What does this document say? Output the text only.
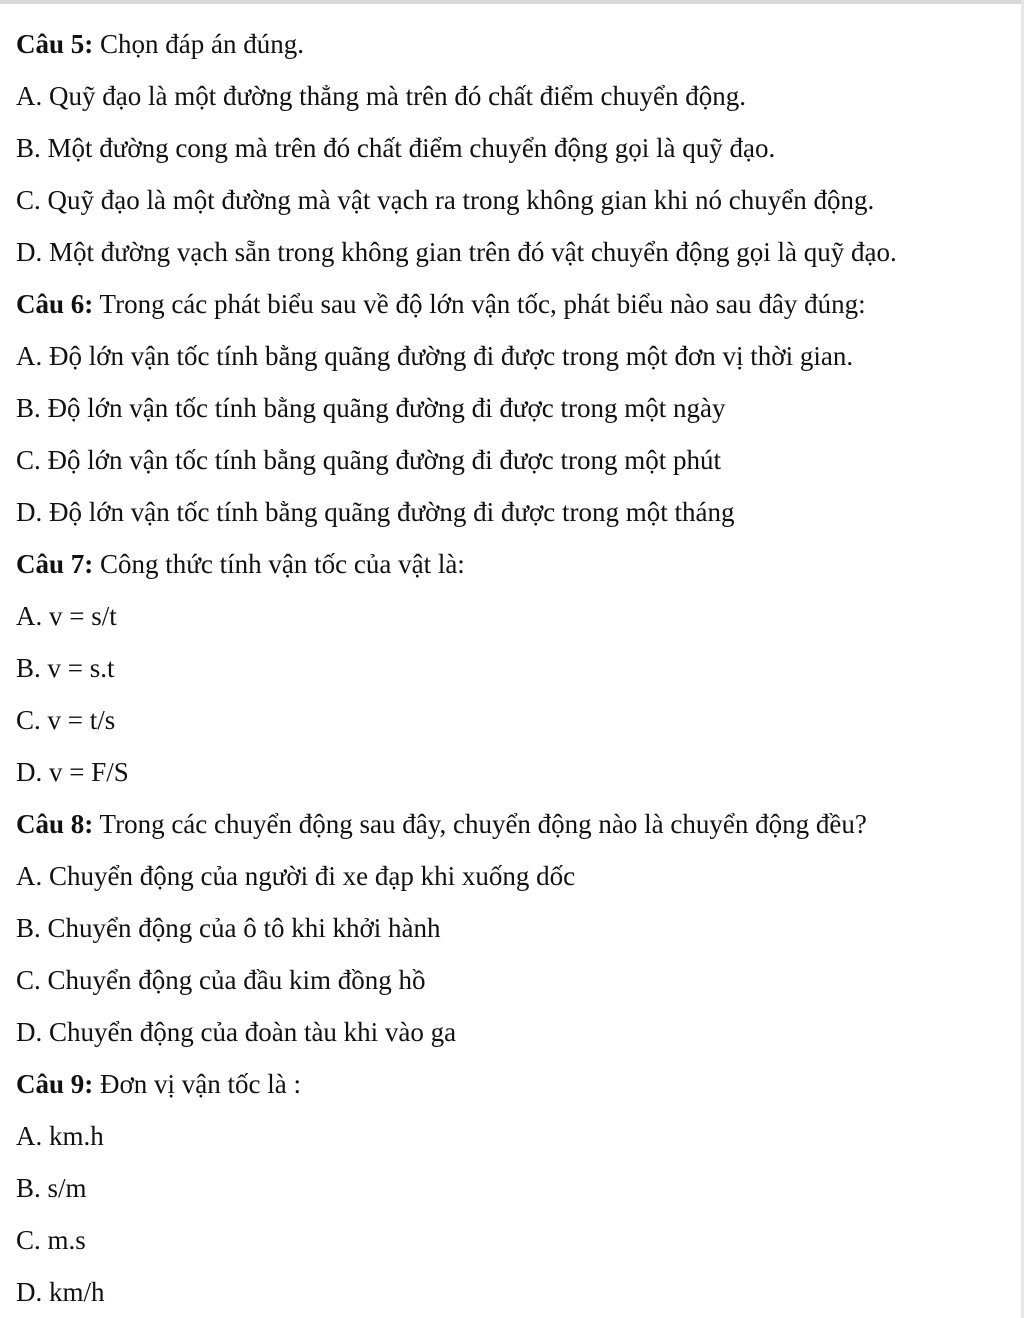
Câu 5: Chọn đáp án đúng.
A. Quỹ đạo là một đường thẳng mà trên đó chất điểm chuyển động.
B. Một đường cong mà trên đó chất điểm chuyển động gọi là quỹ đạo.
C. Quỹ đạo là một đường mà vật vạch ra trong không gian khi nó chuyển động.
D. Một đường vạch sẵn trong không gian trên đó vật chuyển động gọi là quỹ đạo.
Câu 6: Trong các phát biểu sau về độ lớn vận tốc, phát biểu nào sau đây đúng:
A. Độ lớn vận tốc tính bằng quãng đường đi được trong một đơn vị thời gian.
B. Độ lớn vận tốc tính bằng quãng đường đi được trong một ngày
C. Độ lớn vận tốc tính bằng quãng đường đi được trong một phút
D. Độ lớn vận tốc tính bằng quãng đường đi được trong một tháng
Câu 7: Công thức tính vận tốc của vật là:
A. v = s/t
B. v = s.t
C. v = t/s
D. v = F/S
Câu 8: Trong các chuyển động sau đây, chuyển động nào là chuyển động đều?
A. Chuyển động của người đi xe đạp khi xuống dốc
B. Chuyển động của ô tô khi khởi hành
C. Chuyển động của đầu kim đồng hồ
D. Chuyển động của đoàn tàu khi vào ga
Câu 9: Đơn vị vận tốc là :
A. km.h
B. s/m
C. m.s
D. km/h
